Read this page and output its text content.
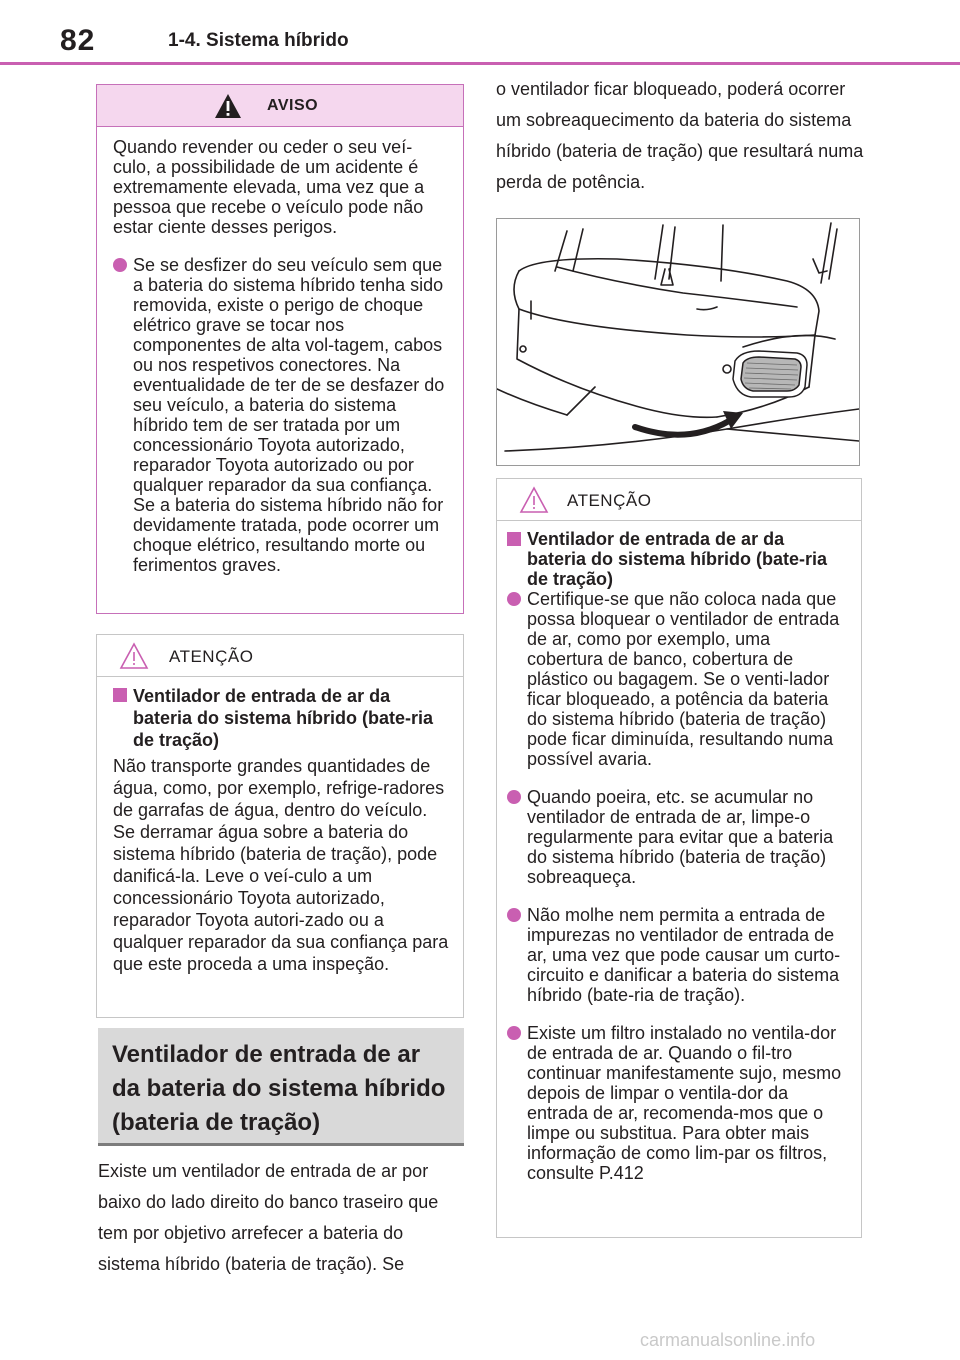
82	1-4. Sistema híbrido
AVISO
Quando revender ou ceder o seu veí-culo, a possibilidade de um acidente é extremamente elevada, uma vez que a pessoa que recebe o veículo pode não estar ciente desses perigos.
Se se desfizer do seu veículo sem que a bateria do sistema híbrido tenha sido removida, existe o perigo de choque elétrico grave se tocar nos componentes de alta vol-tagem, cabos ou nos respetivos conectores. Na eventualidade de ter de se desfazer do seu veículo, a bateria do sistema híbrido tem de ser tratada por um concessionário Toyota autorizado, reparador Toyota autorizado ou por qualquer reparador da sua confiança. Se a bateria do sistema híbrido não for devidamente tratada, pode ocorrer um choque elétrico, resultando morte ou ferimentos graves.
ATENÇÃO
Ventilador de entrada de ar da bateria do sistema híbrido (bate-ria de tração)
Não transporte grandes quantidades de água, como, por exemplo, refrige-radores de garrafas de água, dentro do veículo. Se derramar água sobre a bateria do sistema híbrido (bateria de tração), pode danificá-la. Leve o veí-culo a um concessionário Toyota autorizado, reparador Toyota autori-zado ou a qualquer reparador da sua confiança para que este proceda a uma inspeção.
Ventilador de entrada de ar da bateria do sistema híbrido (bateria de tração)
Existe um ventilador de entrada de ar por baixo do lado direito do banco traseiro que tem por objetivo arrefecer a bateria do sistema híbrido (bateria de tração). Se
o ventilador ficar bloqueado, poderá ocorrer um sobreaquecimento da bateria do sistema híbrido (bateria de tração) que resultará numa perda de potência.
ATENÇÃO
Ventilador de entrada de ar da bateria do sistema híbrido (bate-ria de tração)
Certifique-se que não coloca nada que possa bloquear o ventilador de entrada de ar, como por exemplo, uma cobertura de banco, cobertura de plástico ou bagagem. Se o venti-lador ficar bloqueado, a potência da bateria do sistema híbrido (bateria de tração) pode ficar diminuída, resultando numa possível avaria.
Quando poeira, etc. se acumular no ventilador de entrada de ar, limpe-o regularmente para evitar que a bateria do sistema híbrido (bateria de tração) sobreaqueça.
Não molhe nem permita a entrada de impurezas no ventilador de entrada de ar, uma vez que pode causar um curto-circuito e danificar a bateria do sistema híbrido (bate-ria de tração).
Existe um filtro instalado no ventila-dor de entrada de ar. Quando o fil-tro continuar manifestamente sujo, mesmo depois de limpar o ventila-dor da entrada de ar, recomenda-mos que o limpe ou substitua. Para obter mais informação de como lim-par os filtros, consulte P.412
carmanualsonline.info
